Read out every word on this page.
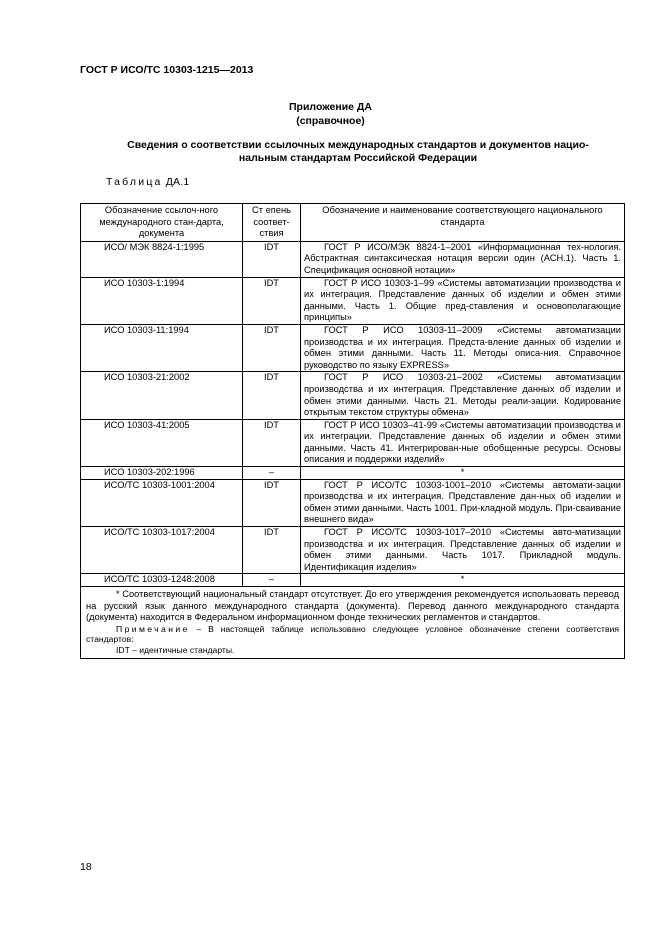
ГОСТ Р ИСО/ТС 10303-1215—2013
Приложение ДА
(справочное)
Сведения о соответствии ссылочных международных стандартов и документов нацио-
нальным стандартам Российской Федерации
Таблица ДА.1
Обозначение ссылоч-ного международного стан-дарта, документа	Ст епень соответ-ствия	Обозначение и наименование соответствующего национального стандарта
ИСО/ МЭК 8824-1:1995	IDT	ГОСТ Р ИСО/МЭК 8824-1–2001 «Информационная тех-нология. Абстрактная синтаксическая нотация версии один (АСН.1). Часть 1. Спецификация основной нотации»
ИСО 10303-1:1994	IDT	ГОСТ Р ИСО 10303-1–99 «Системы автоматизации производства и их интеграция. Представление данных об изделии и обмен этими данными. Часть 1. Общие пред-ставления и основополагающие принципы»
ИСО 10303-11:1994	IDT	ГОСТ Р ИСО 10303-11–2009 «Системы автоматизации производства и их интеграция. Предста-вление данных об изделии и обмен этими данными. Часть 11. Методы описа-ния. Справочное руководство по языку EXPRESS»
ИСО 10303-21:2002	IDT	ГОСТ Р ИСО 10303-21–2002 «Системы автоматизации производства и их интеграция. Представление данных об изделии и обмен этими данными. Часть 21. Методы реали-зации. Кодирование открытым текстом структуры обмена»
ИСО 10303-41:2005	IDT	ГОСТ Р ИСО 10303–41-99 «Системы автоматизации производства и их интеграции. Представление данных об изделии и обмен этими данными. Часть 41. Интегрирован-ные обобщенные ресурсы. Основы описания и поддержки изделий»
ИСО 10303-202:1996	–	*
ИСО/ТС 10303-1001:2004	IDT	ГОСТ Р ИСО/ТС 10303-1001–2010 «Системы автомати-зации производства и их интеграция. Представление дан-ных об изделии и обмен этими данными. Часть 1001. При-кладной модуль. При-сваивание внешнего вида»
ИСО/ТС 10303-1017:2004	IDT	ГОСТ Р ИСО/ТС 10303-1017–2010 «Системы авто-матизации производства и их интеграция. Представление данных об изделии и обмен этими данными. Часть 1017. Прикладной модуль. Идентификация изделия»
ИСО/ТС 10303-1248:2008	–	*

* Соответствующий национальный стандарт отсутствует. До его утверждения рекомендуется использовать перевод на русский язык данного международного стандарта (документа). Перевод данного международного стандарта (документа) находится в Федеральном информационном фонде технических регламентов и стандартов.
Примечание – В настоящей таблице использовано следующее условное обозначение степени соответствия стандартов:
IDT – идентичные стандарты.		
18
